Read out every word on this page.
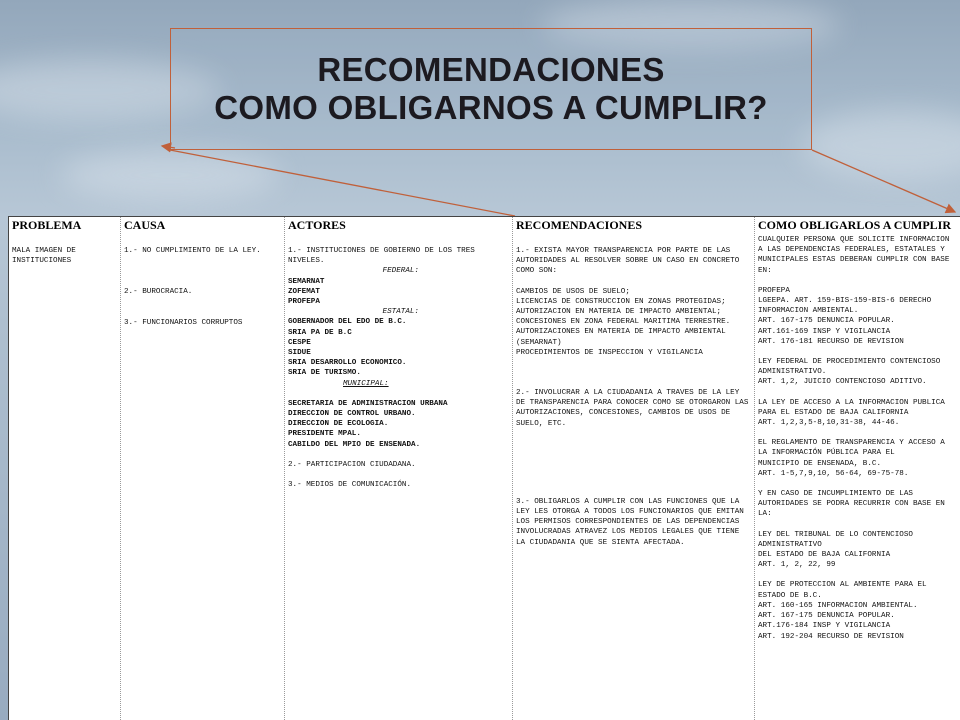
RECOMENDACIONES
COMO OBLIGARNOS A CUMPLIR?
PROBLEMA
MALA IMAGEN DE INSTITUCIONES
CAUSA
1.- NO CUMPLIMIENTO DE LA LEY.
2.- BUROCRACIA.
3.- FUNCIONARIOS CORRUPTOS
ACTORES
1.- INSTITUCIONES DE GOBIERNO DE LOS TRES NIVELES.
FEDERAL:
SEMARNAT
ZOFEMAT
PROFEPA
ESTATAL:
GOBERNADOR DEL EDO DE B.C.
SRIA PA DE B.C
CESPE
SIDUE
SRIA DESARROLLO ECONOMICO.
SRIA DE TURISMO.
MUNICIPAL:
SECRETARIA DE ADMINISTRACION URBANA
DIRECCION DE CONTROL URBANO.
DIRECCION DE ECOLOGIA.
PRESIDENTE MPAL.
CABILDO DEL MPIO DE ENSENADA.
2.- PARTICIPACION CIUDADANA.
3.- MEDIOS DE COMUNICACIÓN.
RECOMENDACIONES
1.- EXISTA MAYOR TRANSPARENCIA POR PARTE DE LAS AUTORIDADES AL RESOLVER SOBRE UN CASO EN CONCRETO COMO SON:
CAMBIOS DE USOS DE SUELO;
LICENCIAS DE CONSTRUCCION EN ZONAS PROTEGIDAS;
AUTORIZACION EN MATERIA DE IMPACTO AMBIENTAL;
CONCESIONES EN ZONA FEDERAL MARITIMA TERRESTRE.
AUTORIZACIONES EN MATERIA DE IMPACTO AMBIENTAL (SEMARNAT)
PROCEDIMIENTOS DE INSPECCION Y VIGILANCIA
2.- INVOLUCRAR A LA CIUDADANIA A TRAVES DE LA LEY DE TRANSPARENCIA PARA CONOCER COMO SE OTORGARON LAS AUTORIZACIONES, CONCESIONES, CAMBIOS DE USOS DE SUELO, ETC.
3.- OBLIGARLOS A CUMPLIR CON LAS FUNCIONES QUE LA LEY LES OTORGA A TODOS LOS FUNCIONARIOS QUE EMITAN LOS PERMISOS CORRESPONDIENTES DE LAS DEPENDENCIAS INVOLUCRADAS ATRAVEZ LOS MEDIOS LEGALES QUE TIENE LA CIUDADANIA QUE SE SIENTA AFECTADA.
COMO OBLIGARLOS A CUMPLIR
CUALQUIER PERSONA QUE SOLICITE INFORMACION A LAS DEPENDENCIAS FEDERALES, ESTATALES Y MUNICIPALES ESTAS DEBERAN CUMPLIR CON BASE EN:
PROFEPA
LGEEPA. ART. 159-BIS-159-BIS-6 DERECHO INFORMACION AMBIENTAL.
ART. 167-175 DENUNCIA POPULAR.
ART.161-169 INSP Y VIGILANCIA
ART. 176-181 RECURSO DE REVISION
LEY FEDERAL DE PROCEDIMIENTO CONTENCIOSO ADMINISTRATIVO.
ART. 1,2, JUICIO CONTENCIOSO ADITIVO.
LA LEY DE ACCESO A LA INFORMACION PUBLICA PARA EL ESTADO DE BAJA CALIFORNIA
ART. 1,2,3,5-8,10,31-38, 44-46.
EL REGLAMENTO DE TRANSPARENCIA Y ACCESO A LA INFORMACIÓN PÚBLICA PARA EL
MUNICIPIO DE ENSENADA, B.C.
ART. 1-5,7,9,10, 56-64, 69-75-78.
Y EN CASO DE INCUMPLIMIENTO DE LAS AUTORIDADES SE PODRA RECURRIR CON BASE EN LA:
LEY DEL TRIBUNAL DE LO CONTENCIOSO ADMINISTRATIVO
DEL ESTADO DE BAJA CALIFORNIA
ART. 1, 2, 22, 99
LEY DE PROTECCION AL AMBIENTE PARA EL ESTADO DE B.C.
ART. 160-165 INFORMACION AMBIENTAL.
ART. 167-175 DENUNCIA POPULAR.
ART.176-184 INSP Y VIGILANCIA
ART. 192-204 RECURSO DE REVISION
